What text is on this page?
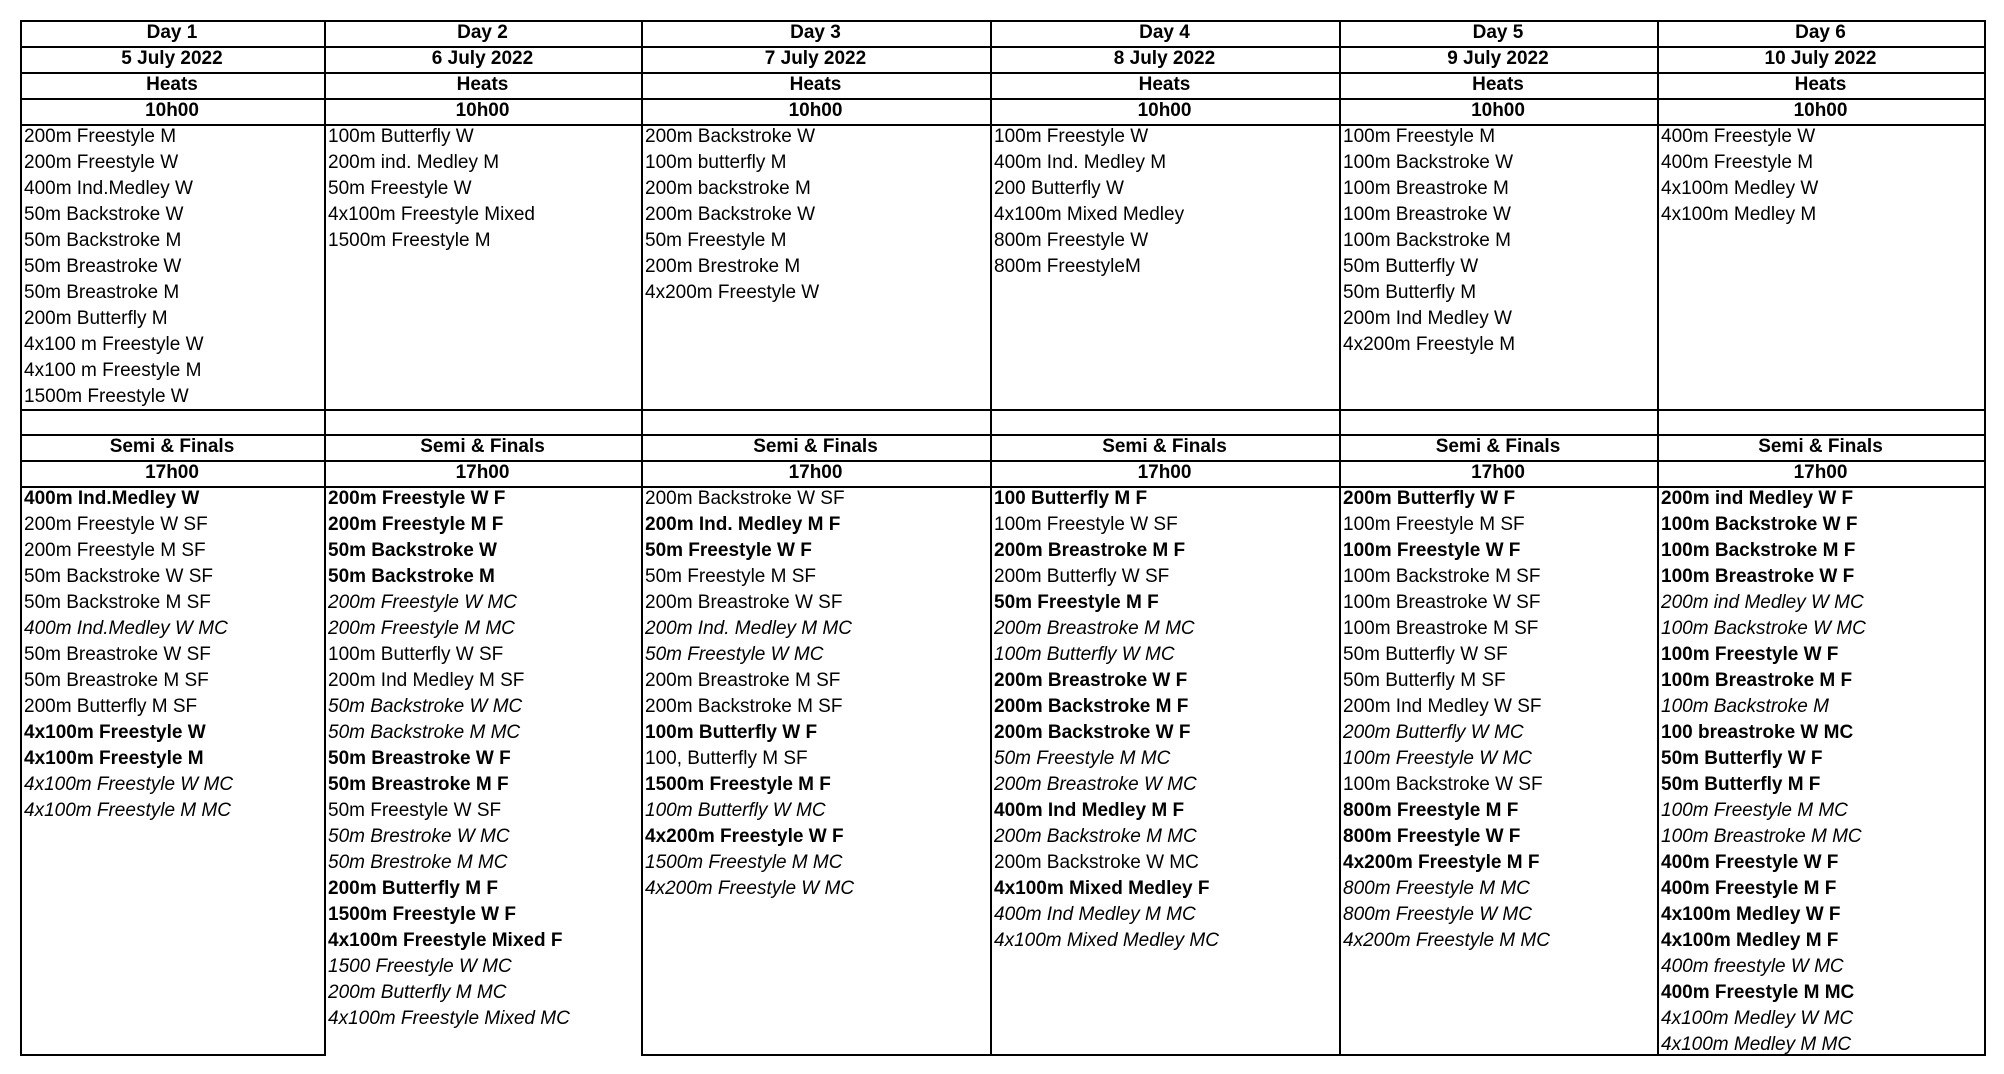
Day 1
5 July 2022
Heats
10h00
200m Freestyle M
200m Freestyle W
400m Ind.Medley W
50m Backstroke W
50m Backstroke M
50m Breastroke W
50m Breastroke M
200m Butterfly M
4x100 m Freestyle W
4x100 m Freestyle M
1500m Freestyle W
Semi & Finals
17h00
400m Ind.Medley W
200m Freestyle W SF
200m Freestyle M SF
50m Backstroke W SF
50m Backstroke M SF
400m Ind.Medley W MC
50m Breastroke W SF
50m Breastroke M SF
200m Butterfly M SF
4x100m Freestyle W
4x100m Freestyle M
4x100m Freestyle W MC
4x100m Freestyle M MC
Day 2
6 July 2022
Heats
10h00
100m Butterfly W
200m ind. Medley M
50m Freestyle W
4x100m Freestyle Mixed
1500m Freestyle M
Semi & Finals
17h00
200m Freestyle W F
200m Freestyle M F
50m Backstroke W
50m Backstroke M
200m Freestyle W MC
200m Freestyle M MC
100m Butterfly W SF
200m Ind Medley M SF
50m Backstroke W MC
50m Backstroke M MC
50m Breastroke W F
50m Breastroke M F
50m Freestyle W SF
50m Brestroke W MC
50m Brestroke M MC
200m Butterfly M F
1500m Freestyle W F
4x100m Freestyle Mixed F
1500 Freestyle W MC
200m Butterfly M MC
4x100m Freestyle Mixed MC
Day 3
7 July 2022
Heats
10h00
200m Backstroke W
100m butterfly M
200m backstroke M
200m Backstroke W
50m Freestyle M
200m Brestroke M
4x200m Freestyle W
Semi & Finals
17h00
200m Backstroke W SF
200m Ind. Medley M F
50m Freestyle W F
50m Freestyle M SF
200m Breastroke W SF
200m Ind. Medley M MC
50m Freestyle W MC
200m Breastroke M SF
200m Backstroke M SF
100m Butterfly W F
100, Butterfly M SF
1500m Freestyle M F
100m Butterfly W MC
4x200m Freestyle W F
1500m Freestyle M MC
4x200m Freestyle W MC
Day 4
8 July 2022
Heats
10h00
100m Freestyle W
400m Ind. Medley M
200 Butterfly W
4x100m Mixed Medley
800m Freestyle W
800m FreestyleM
Semi & Finals
17h00
100 Butterfly M F
100m Freestyle W SF
200m Breastroke M F
200m Butterfly W SF
50m Freestyle M F
200m Breastroke M MC
100m Butterfly W MC
200m Breastroke W F
200m Backstroke M F
200m Backstroke W F
50m Freestyle M MC
200m Breastroke W MC
400m Ind Medley M F
200m Backstroke M MC
200m Backstroke W MC
4x100m Mixed Medley F
400m Ind Medley M MC
4x100m Mixed Medley MC
Day 5
9 July 2022
Heats
10h00
100m Freestyle M
100m Backstroke W
100m Breastroke M
100m Breastroke W
100m Backstroke M
50m Butterfly W
50m Butterfly M
200m Ind Medley W
4x200m Freestyle M
Semi & Finals
17h00
200m Butterfly W F
100m Freestyle M SF
100m Freestyle W F
100m Backstroke M SF
100m Breastroke W SF
100m Breastroke M SF
50m Butterfly W SF
50m Butterfly M SF
200m Ind Medley W SF
200m Butterfly W MC
100m Freestyle W MC
100m Backstroke W SF
800m Freestyle M F
800m Freestyle W F
4x200m Freestyle M F
800m Freestyle M MC
800m Freestyle W MC
4x200m Freestyle M MC
Day 6
10 July 2022
Heats
10h00
400m Freestyle W
400m Freestyle M
4x100m Medley W
4x100m Medley M
Semi & Finals
17h00
200m ind Medley W F
100m Backstroke W F
100m Backstroke M F
100m Breastroke W F
200m ind Medley W MC
100m Backstroke W MC
100m Freestyle W F
100m Breastroke M F
100m Backstroke M
100 breastroke W MC
50m Butterfly W F
50m Butterfly M F
100m Freestyle M MC
100m Breastroke M MC
400m Freestyle W F
400m Freestyle M F
4x100m Medley W F
4x100m Medley M F
400m freestyle W MC
400m Freestyle M MC
4x100m Medley W MC
4x100m Medley M MC
